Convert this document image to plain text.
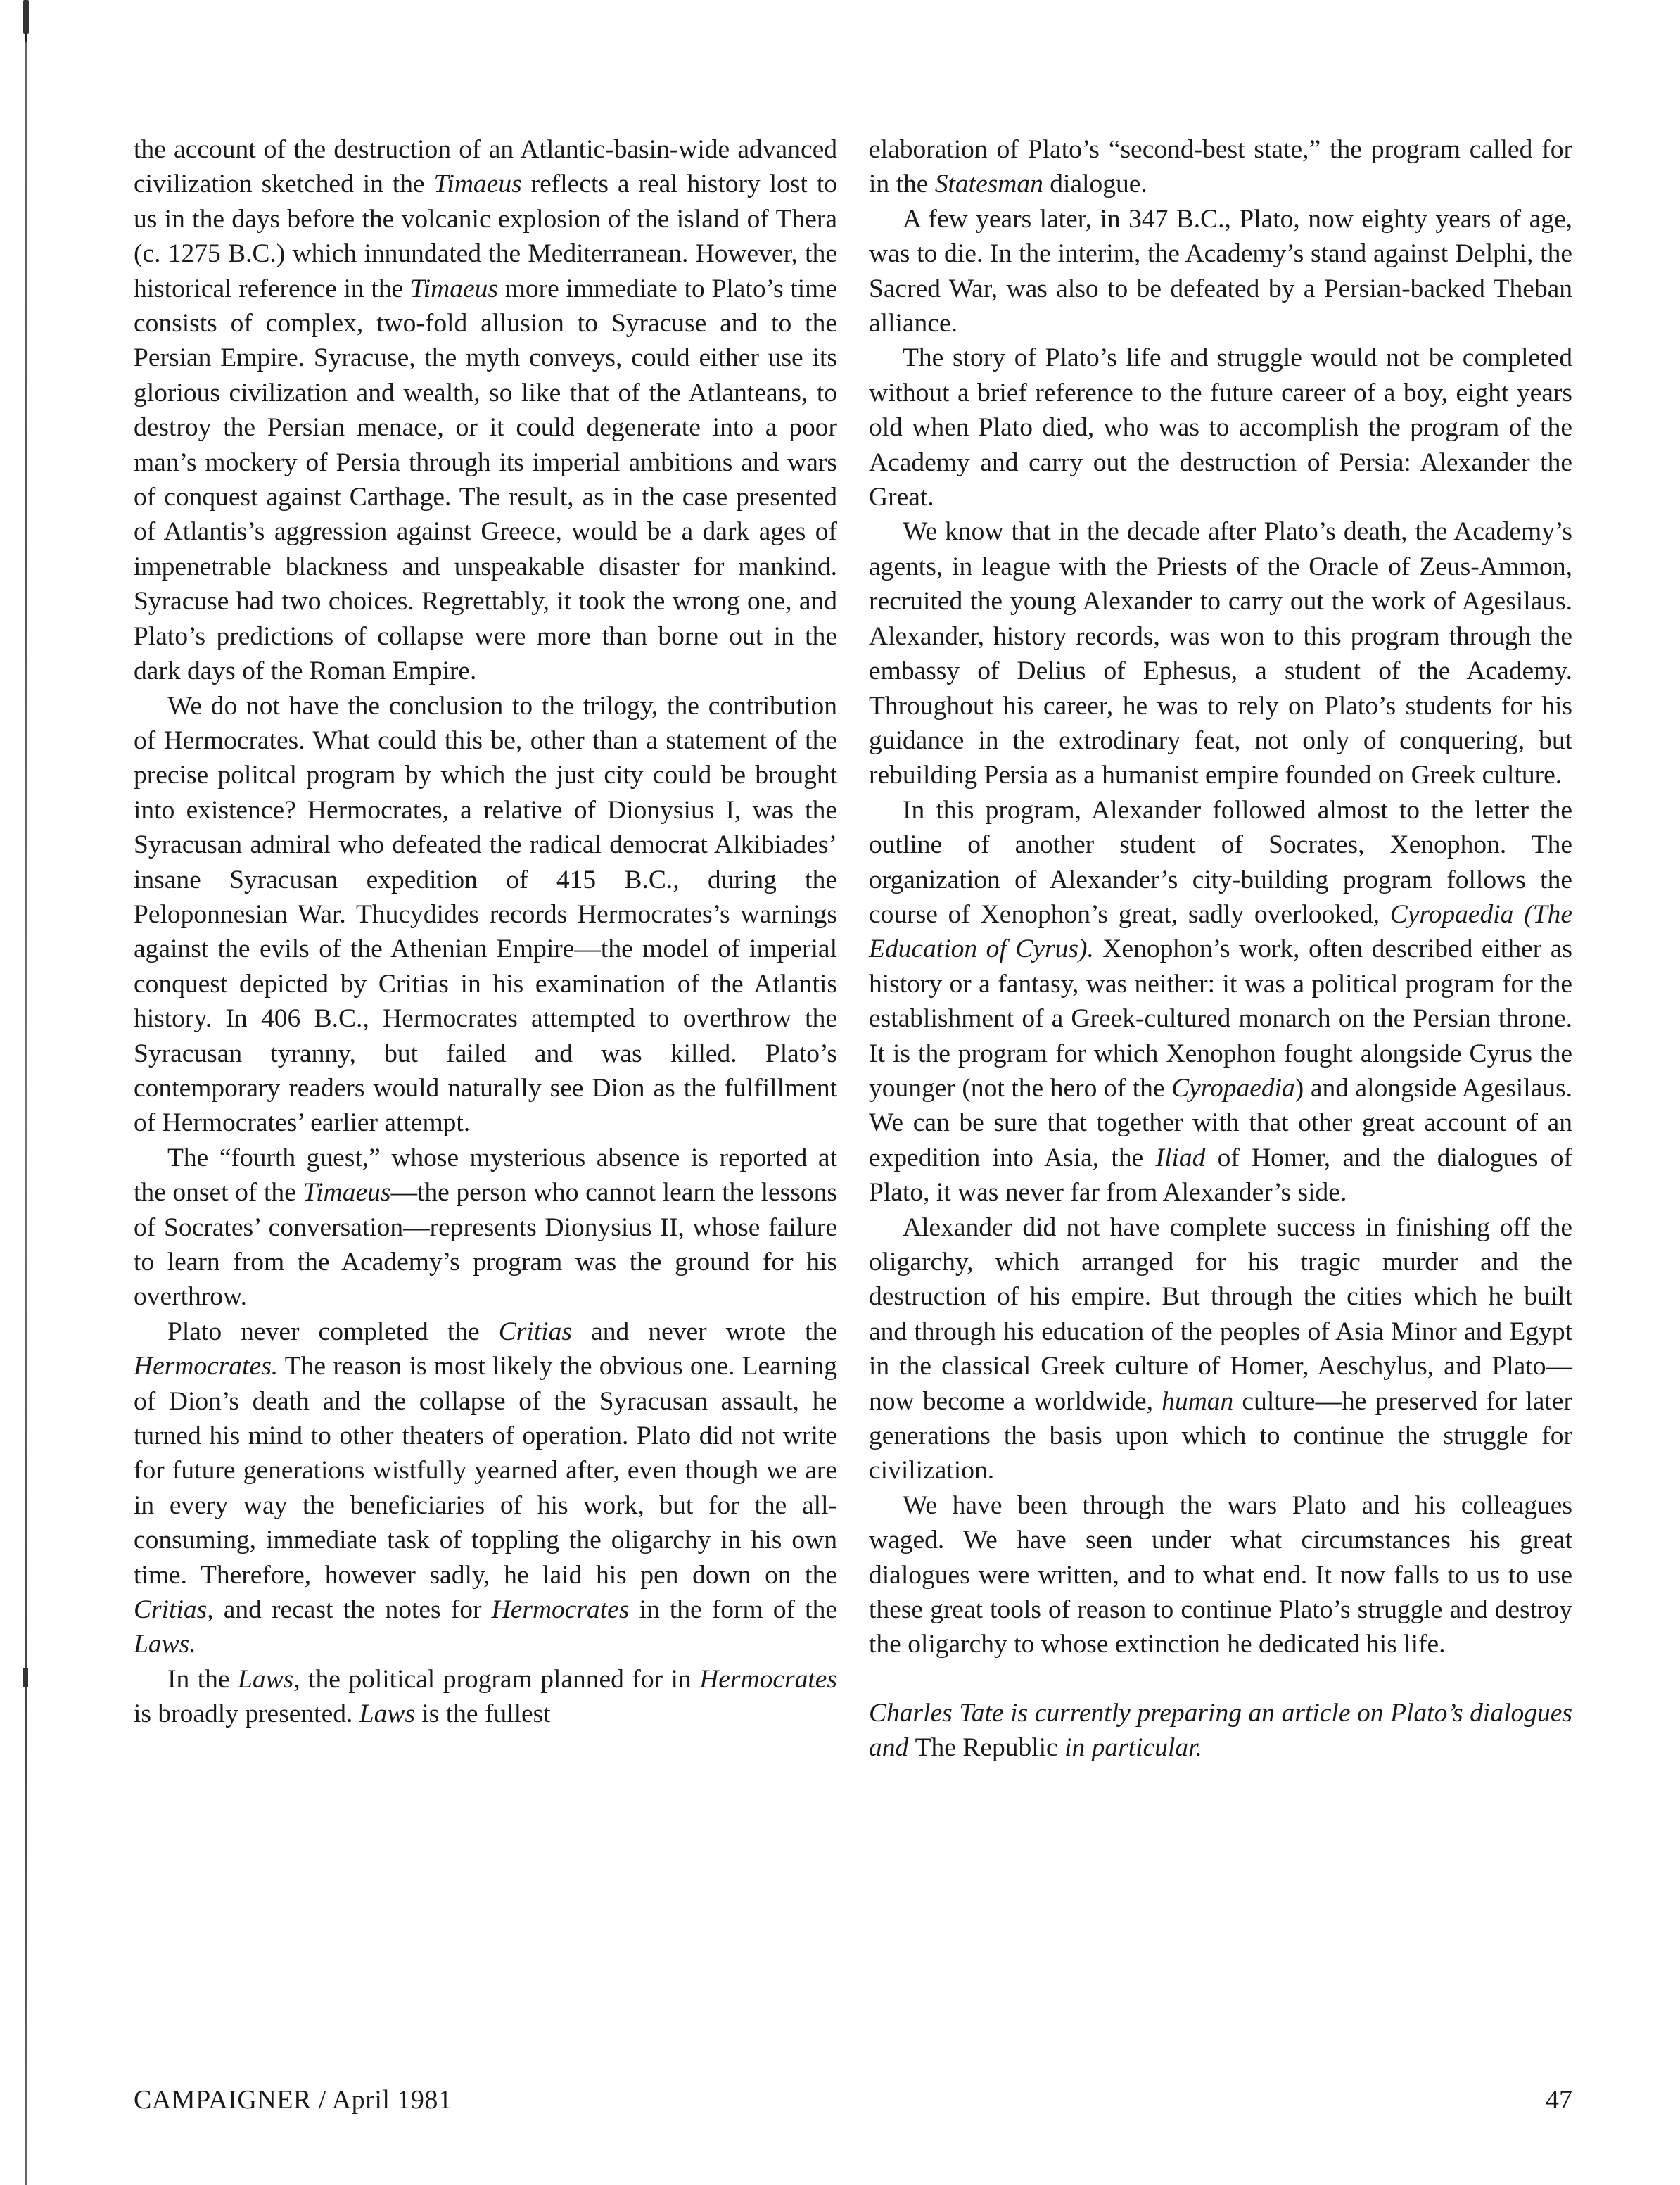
the account of the destruction of an Atlantic-basin-wide advanced civilization sketched in the Timaeus reflects a real history lost to us in the days before the volcanic explosion of the island of Thera (c. 1275 B.C.) which innundated the Mediterranean. However, the historical reference in the Timaeus more immediate to Plato’s time consists of complex, two-fold allusion to Syracuse and to the Persian Empire. Syracuse, the myth conveys, could either use its glorious civilization and wealth, so like that of the Atlanteans, to destroy the Persian menace, or it could degenerate into a poor man’s mockery of Persia through its imperial ambitions and wars of conquest against Carthage. The result, as in the case presented of Atlantis’s aggression against Greece, would be a dark ages of impenetrable blackness and unspeakable disaster for mankind. Syracuse had two choices. Regrettably, it took the wrong one, and Plato’s predictions of collapse were more than borne out in the dark days of the Roman Empire.

We do not have the conclusion to the trilogy, the contribution of Hermocrates. What could this be, other than a statement of the precise politcal program by which the just city could be brought into existence? Hermocrates, a relative of Dionysius I, was the Syracusan admiral who defeated the radical democrat Alkibiades’ insane Syracusan expedition of 415 B.C., during the Peloponnesian War. Thucydides records Hermocrates’s warnings against the evils of the Athenian Empire—the model of imperial conquest depicted by Critias in his examination of the Atlantis history. In 406 B.C., Hermocrates attempted to overthrow the Syracusan tyranny, but failed and was killed. Plato’s contemporary readers would naturally see Dion as the fulfillment of Hermocrates’ earlier attempt.

The “fourth guest,” whose mysterious absence is reported at the onset of the Timaeus—the person who cannot learn the lessons of Socrates’ conversation—represents Dionysius II, whose failure to learn from the Academy’s program was the ground for his overthrow.

Plato never completed the Critias and never wrote the Hermocrates. The reason is most likely the obvious one. Learning of Dion’s death and the collapse of the Syracusan assault, he turned his mind to other theaters of operation. Plato did not write for future generations wistfully yearned after, even though we are in every way the beneficiaries of his work, but for the all-consuming, immediate task of toppling the oligarchy in his own time. Therefore, however sadly, he laid his pen down on the Critias, and recast the notes for Hermocrates in the form of the Laws.

In the Laws, the political program planned for in Hermocrates is broadly presented. Laws is the fullest

elaboration of Plato’s “second-best state,” the program called for in the Statesman dialogue.

A few years later, in 347 B.C., Plato, now eighty years of age, was to die. In the interim, the Academy’s stand against Delphi, the Sacred War, was also to be defeated by a Persian-backed Theban alliance.

The story of Plato’s life and struggle would not be completed without a brief reference to the future career of a boy, eight years old when Plato died, who was to accomplish the program of the Academy and carry out the destruction of Persia: Alexander the Great.

We know that in the decade after Plato’s death, the Academy’s agents, in league with the Priests of the Oracle of Zeus-Ammon, recruited the young Alexander to carry out the work of Agesilaus. Alexander, history records, was won to this program through the embassy of Delius of Ephesus, a student of the Academy. Throughout his career, he was to rely on Plato’s students for his guidance in the extrodinary feat, not only of conquering, but rebuilding Persia as a humanist empire founded on Greek culture.

In this program, Alexander followed almost to the letter the outline of another student of Socrates, Xenophon. The organization of Alexander’s city-building program follows the course of Xenophon’s great, sadly overlooked, Cyropaedia (The Education of Cyrus). Xenophon’s work, often described either as history or a fantasy, was neither: it was a political program for the establishment of a Greek-cultured monarch on the Persian throne. It is the program for which Xenophon fought alongside Cyrus the younger (not the hero of the Cyropaedia) and alongside Agesilaus. We can be sure that together with that other great account of an expedition into Asia, the Iliad of Homer, and the dialogues of Plato, it was never far from Alexander’s side.

Alexander did not have complete success in finishing off the oligarchy, which arranged for his tragic murder and the destruction of his empire. But through the cities which he built and through his education of the peoples of Asia Minor and Egypt in the classical Greek culture of Homer, Aeschylus, and Plato—now become a worldwide, human culture—he preserved for later generations the basis upon which to continue the struggle for civilization.

We have been through the wars Plato and his colleagues waged. We have seen under what circumstances his great dialogues were written, and to what end. It now falls to us to use these great tools of reason to continue Plato’s struggle and destroy the oligarchy to whose extinction he dedicated his life.

Charles Tate is currently preparing an article on Plato’s dialogues and The Republic in particular.

CAMPAIGNER / April 1981	47
